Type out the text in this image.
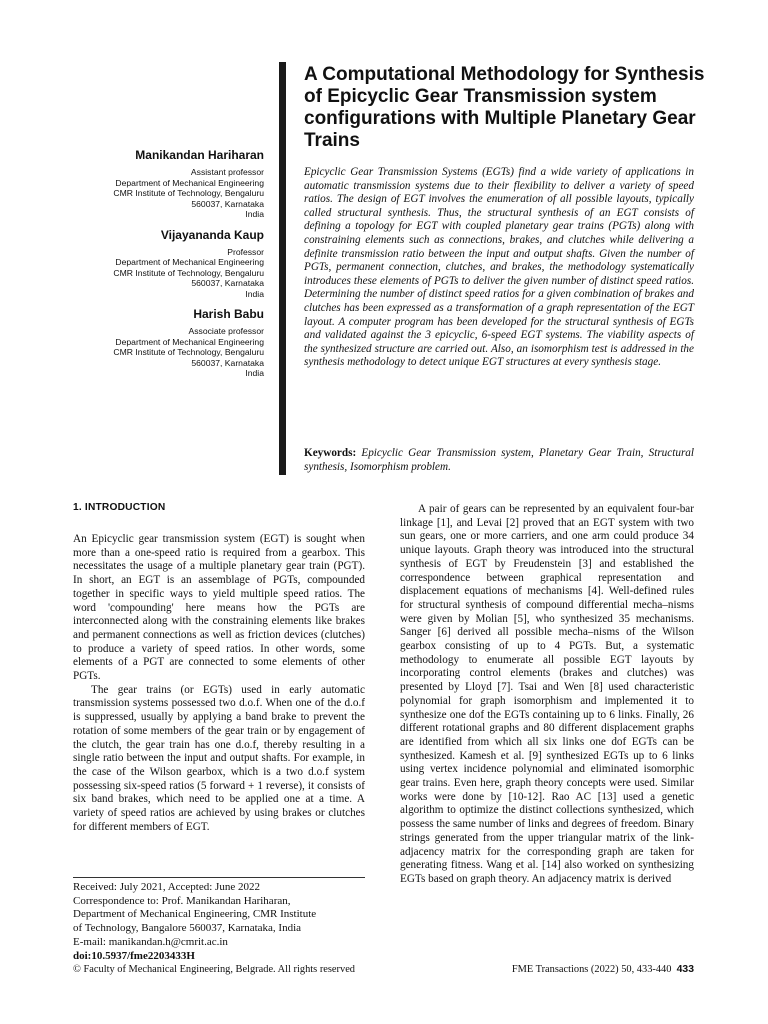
A Computational Methodology for Synthesis of Epicyclic Gear Transmission system configurations with Multiple Planetary Gear Trains
Manikandan Hariharan
Assistant professor
Department of Mechanical Engineering
CMR Institute of Technology, Bengaluru
560037, Karnataka
India
Vijayananda Kaup
Professor
Department of Mechanical Engineering
CMR Institute of Technology, Bengaluru
560037, Karnataka
India
Harish Babu
Associate professor
Department of Mechanical Engineering
CMR Institute of Technology, Bengaluru
560037, Karnataka
India

Epicyclic Gear Transmission Systems (EGTs) find a wide variety of applications in automatic transmission systems due to their flexibility to deliver a variety of speed ratios. The design of EGT involves the enumeration of all possible layouts, typically called structural synthesis. Thus, the structural synthesis of an EGT consists of defining a topology for EGT with coupled planetary gear trains (PGTs) along with constraining elements such as connections, brakes, and clutches while delivering a definite transmission ratio between the input and output shafts. Given the number of PGTs, permanent connection, clutches, and brakes, the methodology systematically introduces these elements of PGTs to deliver the given number of distinct speed ratios. Determining the number of distinct speed ratios for a given combination of brakes and clutches has been expressed as a transformation of a graph representation of the EGT layout. A computer program has been developed for the structural synthesis of EGTs and validated against the 3 epicyclic, 6-speed EGT systems. The viability aspects of the synthesized structure are carried out. Also, an isomorphism test is addressed in the synthesis methodology to detect unique EGT structures at every synthesis stage.

Keywords: Epicyclic Gear Transmission system, Planetary Gear Train, Structural synthesis, Isomorphism problem.

1. INTRODUCTION

An Epicyclic gear transmission system (EGT) is sought when more than a one-speed ratio is required from a gearbox. This necessitates the usage of a multiple planetary gear train (PGT). In short, an EGT is an assemblage of PGTs, compounded together in specific ways to yield multiple speed ratios. The word 'compounding' here means how the PGTs are interconnected along with the constraining elements like brakes and permanent connections as well as friction devices (clutches) to produce a variety of speed ratios. In other words, some elements of a PGT are connected to some elements of other PGTs.

The gear trains (or EGTs) used in early automatic transmission systems possessed two d.o.f. When one of the d.o.f is suppressed, usually by applying a band brake to prevent the rotation of some members of the gear train or by engagement of the clutch, the gear train has one d.o.f, thereby resulting in a single ratio between the input and output shafts. For example, in the case of the Wilson gearbox, which is a two d.o.f system possessing six-speed ratios (5 forward + 1 reverse), it consists of six band brakes, which need to be applied one at a time. A variety of speed ratios are achieved by using brakes or clutches for different members of EGT.

A pair of gears can be represented by an equivalent four-bar linkage [1], and Levai [2] proved that an EGT system with two sun gears, one or more carriers, and one arm could produce 34 unique layouts. Graph theory was introduced into the structural synthesis of EGT by Freudenstein [3] and established the correspondence between graphical representation and displacement equations of mechanisms [4]. Well-defined rules for structural synthesis of compound differential mecha–nisms were given by Molian [5], who synthesized 35 mechanisms. Sanger [6] derived all possible mecha–nisms of the Wilson gearbox consisting of up to 4 PGTs. But, a systematic methodology to enumerate all possible EGT layouts by incorporating control elements (brakes and clutches) was presented by Lloyd [7]. Tsai and Wen [8] used characteristic polynomial for graph isomorphism and implemented it to synthesize one dof the EGTs containing up to 6 links. Finally, 26 different rotational graphs and 80 different displacement graphs are identified from which all six links one dof EGTs can be synthesized. Kamesh et al. [9] synthesized EGTs up to 6 links using vertex incidence polynomial and eliminated isomorphic gear trains. Even here, graph theory concepts were used. Similar works were done by [10-12]. Rao AC [13] used a genetic algorithm to optimize the distinct collections synthesized, which possess the same number of links and degrees of freedom. Binary strings generated from the upper triangular matrix of the link-adjacency matrix for the corresponding graph are taken for generating fitness. Wang et al. [14] also worked on synthesizing EGTs based on graph theory. An adjacency matrix is derived

Received: July 2021, Accepted: June 2022
Correspondence to: Prof. Manikandan Hariharan,
Department of Mechanical Engineering, CMR Institute
of Technology, Bangalore 560037, Karnataka, India
E-mail: manikandan.h@cmrit.ac.in
doi:10.5937/fme2203433H
© Faculty of Mechanical Engineering, Belgrade. All rights reserved	FME Transactions (2022) 50, 433-440 433
